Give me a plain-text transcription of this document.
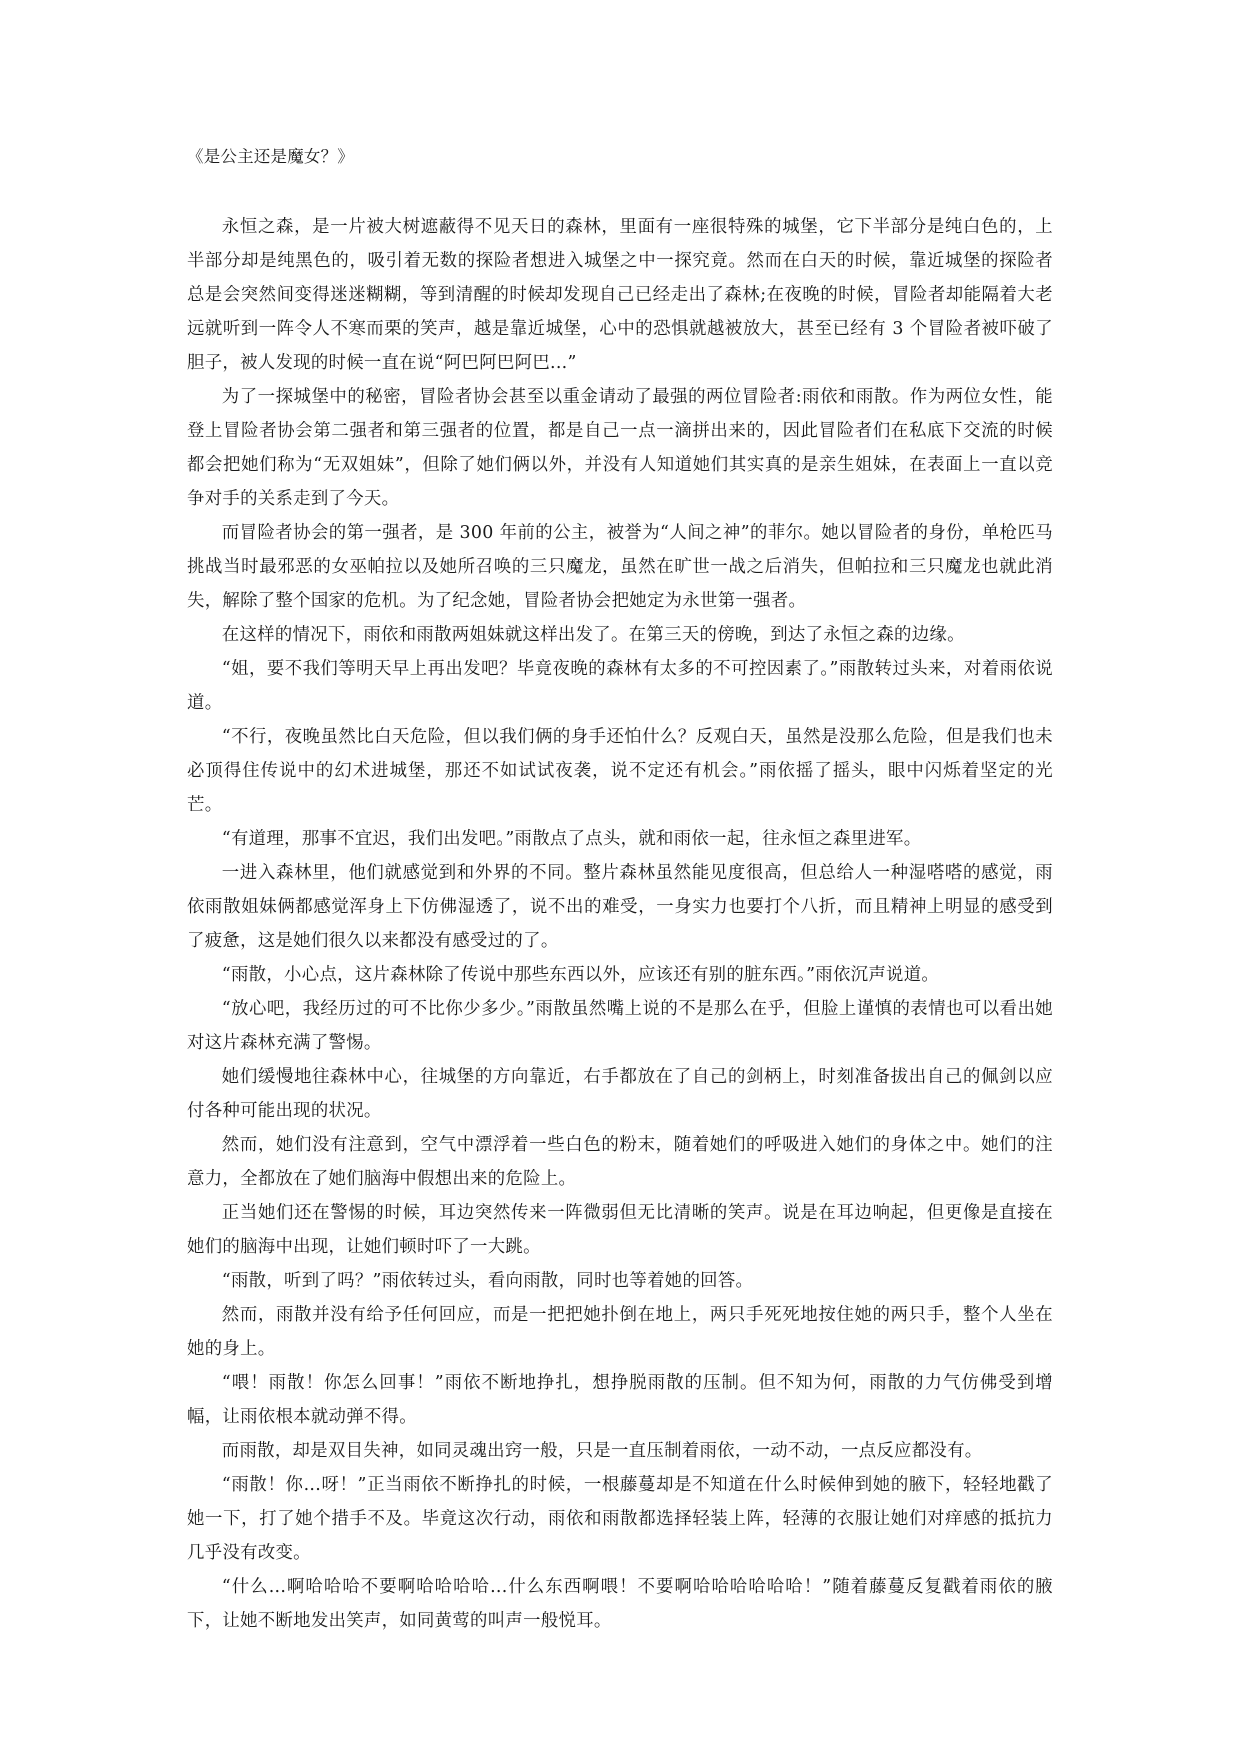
《是公主还是魔女？》

永恒之森，是一片被大树遮蔽得不见天日的森林，里面有一座很特殊的城堡，它下半部分是纯白色的，上半部分却是纯黑色的，吸引着无数的探险者想进入城堡之中一探究竟。然而在白天的时候，靠近城堡的探险者总是会突然间变得迷迷糊糊，等到清醒的时候却发现自己已经走出了森林;在夜晚的时候，冒险者却能隔着大老远就听到一阵令人不寒而栗的笑声，越是靠近城堡，心中的恐惧就越被放大，甚至已经有 3 个冒险者被吓破了胆子，被人发现的时候一直在说“阿巴阿巴阿巴...”

为了一探城堡中的秘密，冒险者协会甚至以重金请动了最强的两位冒险者:雨依和雨散。作为两位女性，能登上冒险者协会第二强者和第三强者的位置，都是自己一点一滴拼出来的，因此冒险者们在私底下交流的时候都会把她们称为“无双姐妹”，但除了她们俩以外，并没有人知道她们其实真的是亲生姐妹，在表面上一直以竞争对手的关系走到了今天。

而冒险者协会的第一强者，是 300 年前的公主，被誉为“人间之神”的菲尔。她以冒险者的身份，单枪匹马挑战当时最邪恶的女巫帕拉以及她所召唤的三只魔龙，虽然在旷世一战之后消失，但帕拉和三只魔龙也就此消失，解除了整个国家的危机。为了纪念她，冒险者协会把她定为永世第一强者。

在这样的情况下，雨依和雨散两姐妹就这样出发了。在第三天的傍晚，到达了永恒之森的边缘。

“姐，要不我们等明天早上再出发吧？毕竟夜晚的森林有太多的不可控因素了。”雨散转过头来，对着雨依说道。

“不行，夜晚虽然比白天危险，但以我们俩的身手还怕什么？反观白天，虽然是没那么危险，但是我们也未必顶得住传说中的幻术进城堡，那还不如试试夜袭，说不定还有机会。”雨依摇了摇头，眼中闪烁着坚定的光芒。

“有道理，那事不宜迟，我们出发吧。”雨散点了点头，就和雨依一起，往永恒之森里进军。

一进入森林里，他们就感觉到和外界的不同。整片森林虽然能见度很高，但总给人一种湿嗒嗒的感觉，雨依雨散姐妹俩都感觉浑身上下仿佛湿透了，说不出的难受，一身实力也要打个八折，而且精神上明显的感受到了疲惫，这是她们很久以来都没有感受过的了。

“雨散，小心点，这片森林除了传说中那些东西以外，应该还有别的脏东西。”雨依沉声说道。

“放心吧，我经历过的可不比你少多少。”雨散虽然嘴上说的不是那么在乎，但脸上谨慎的表情也可以看出她对这片森林充满了警惕。

她们缓慢地往森林中心，往城堡的方向靠近，右手都放在了自己的剑柄上，时刻准备拔出自己的佩剑以应付各种可能出现的状况。

然而，她们没有注意到，空气中漂浮着一些白色的粉末，随着她们的呼吸进入她们的身体之中。她们的注意力，全都放在了她们脑海中假想出来的危险上。

正当她们还在警惕的时候，耳边突然传来一阵微弱但无比清晰的笑声。说是在耳边响起，但更像是直接在她们的脑海中出现，让她们顿时吓了一大跳。

“雨散，听到了吗？”雨依转过头，看向雨散，同时也等着她的回答。

然而，雨散并没有给予任何回应，而是一把把她扑倒在地上，两只手死死地按住她的两只手，整个人坐在她的身上。

“喂！雨散！你怎么回事！”雨依不断地挣扎，想挣脱雨散的压制。但不知为何，雨散的力气仿佛受到增幅，让雨依根本就动弹不得。

而雨散，却是双目失神，如同灵魂出窍一般，只是一直压制着雨依，一动不动，一点反应都没有。

“雨散！你...呀！”正当雨依不断挣扎的时候，一根藤蔓却是不知道在什么时候伸到她的腋下，轻轻地戳了她一下，打了她个措手不及。毕竟这次行动，雨依和雨散都选择轻装上阵，轻薄的衣服让她们对痒感的抵抗力几乎没有改变。

“什么...啊哈哈哈不要啊哈哈哈哈...什么东西啊喂！不要啊哈哈哈哈哈哈！”随着藤蔓反复戳着雨依的腋下，让她不断地发出笑声，如同黄莺的叫声一般悦耳。
